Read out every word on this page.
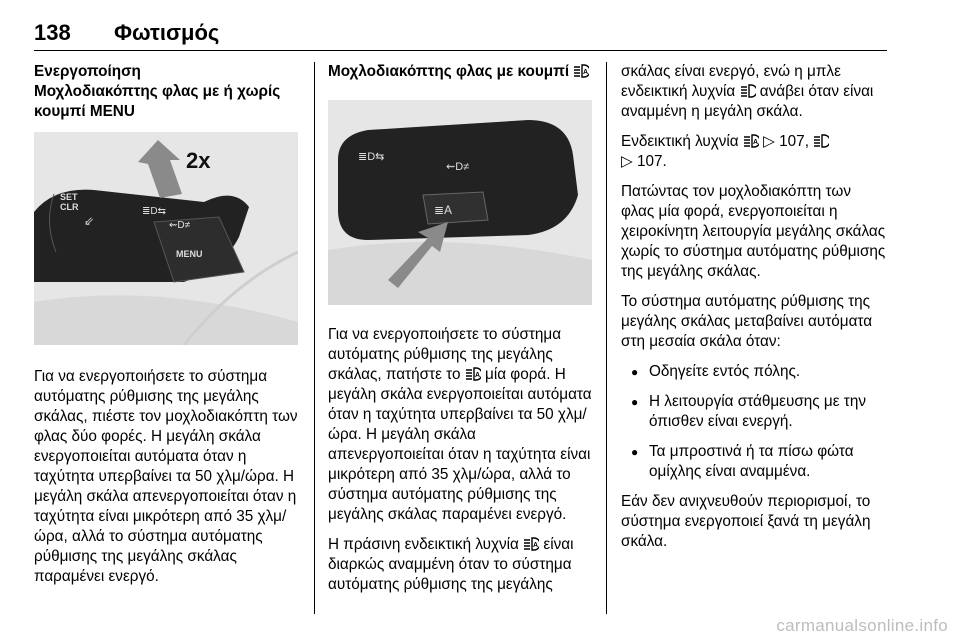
138 Φωτισμός

Ενεργοποίηση

Μοχλοδιακόπτης φλας με ή χωρίς κουμπί MENU

2x
SET
CLR
⇙
≣D⇆
⇜D≠
MENU

Για να ενεργοποιήσετε το σύστημα αυτόματης ρύθμισης της μεγάλης σκάλας, πιέστε τον μοχλοδιακόπτη των φλας δύο φορές. Η μεγάλη σκάλα ενεργοποιείται αυτόματα όταν η ταχύτητα υπερβαίνει τα 50 χλμ/ώρα. Η μεγάλη σκάλα απενεργοποιείται όταν η ταχύτητα είναι μικρότερη από 35 χλμ/ώρα, αλλά το σύστημα αυτόματης ρύθμισης της μεγάλης σκάλας παραμένει ενεργό.

Μοχλοδιακόπτης φλας με κουμπί A

≣D⇆
⇜D≠
≣A

Για να ενεργοποιήσετε το σύστημα αυτόματης ρύθμισης της μεγάλης σκάλας, πατήστε το A μία φορά. Η μεγάλη σκάλα ενεργοποιείται αυτόματα όταν η ταχύτητα υπερβαίνει τα 50 χλμ/ώρα. Η μεγάλη σκάλα απενεργοποιείται όταν η ταχύτητα είναι μικρότερη από 35 χλμ/ώρα, αλλά το σύστημα αυτόματης ρύθμισης της μεγάλης σκάλας παραμένει ενεργό.

Η πράσινη ενδεικτική λυχνία A είναι διαρκώς αναμμένη όταν το σύστημα αυτόματης ρύθμισης της μεγάλης

σκάλας είναι ενεργό, ενώ η μπλε ενδεικτική λυχνία ανάβει όταν είναι αναμμένη η μεγάλη σκάλα.

Ενδεικτική λυχνία A ▷ 107,
▷ 107.

Πατώντας τον μοχλοδιακόπτη των φλας μία φορά, ενεργοποιείται η χειροκίνητη λειτουργία μεγάλης σκάλας χωρίς το σύστημα αυτόματης ρύθμισης της μεγάλης σκάλας.

Το σύστημα αυτόματης ρύθμισης της μεγάλης σκάλας μεταβαίνει αυτόματα στη μεσαία σκάλα όταν:

● Οδηγείτε εντός πόλης.
● Η λειτουργία στάθμευσης με την όπισθεν είναι ενεργή.
● Τα μπροστινά ή τα πίσω φώτα ομίχλης είναι αναμμένα.

Εάν δεν ανιχνευθούν περιορισμοί, το σύστημα ενεργοποιεί ξανά τη μεγάλη σκάλα.

carmanualsonline.info
